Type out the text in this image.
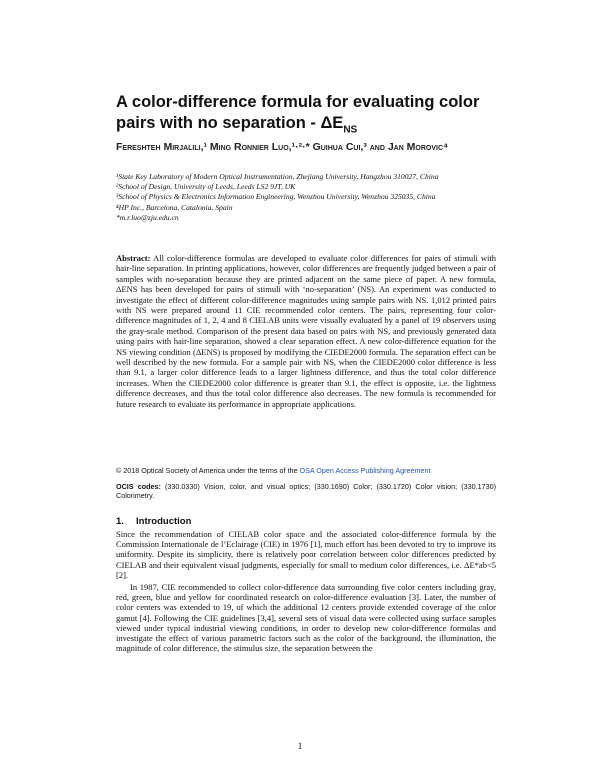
A color-difference formula for evaluating color pairs with no separation - $\Delta E_{NS}$
Fereshteh Mirjalili,¹ Ming Ronnier Luo,¹·²·* Guihua Cui,³ and Jan Morovic⁴
¹State Key Laboratory of Modern Optical Instrumentation, Zhejiang University, Hangzhou 310027, China
²School of Design, University of Leeds, Leeds LS2 9JT, UK
³School of Physics & Electronics Information Engineering, Wenzhou University, Wenzhou 325035, China
⁴HP Inc., Barcelona, Catalonia, Spain
*m.r.luo@zju.edu.cn
Abstract: All color-difference formulas are developed to evaluate color differences for pairs of stimuli with hair-line separation. In printing applications, however, color differences are frequently judged between a pair of samples with no-separation because they are printed adjacent on the same piece of paper. A new formula, ΔENS has been developed for pairs of stimuli with ‘no-separation’ (NS). An experiment was conducted to investigate the effect of different color-difference magnitudes using sample pairs with NS. 1,012 printed pairs with NS were prepared around 11 CIE recommended color centers. The pairs, representing four color-difference magnitudes of 1, 2, 4 and 8 CIELAB units were visually evaluated by a panel of 19 observers using the gray-scale method. Comparison of the present data based on pairs with NS, and previously generated data using pairs with hair-line separation, showed a clear separation effect. A new color-difference equation for the NS viewing condition (ΔENS) is proposed by modifying the CIEDE2000 formula. The separation effect can be well described by the new formula. For a sample pair with NS, when the CIEDE2000 color difference is less than 9.1, a larger color difference leads to a larger lightness difference, and thus the total color difference increases. When the CIEDE2000 color difference is greater than 9.1, the effect is opposite, i.e. the lightness difference decreases, and thus the total color difference also decreases. The new formula is recommended for future research to evaluate its performance in appropriate applications.
© 2018 Optical Society of America under the terms of the OSA Open Access Publishing Agreement
OCIS codes: (330.0330) Vision, color, and visual optics; (330.1690) Color; (330.1720) Color vision; (330.1730) Colorimetry.
1. Introduction

Since the recommendation of CIELAB color space and the associated color-difference formula by the Commission Internationale de l’Eclairage (CIE) in 1976 [1], much effort has been devoted to try to improve its uniformity. Despite its simplicity, there is relatively poor correlation between color differences predicted by CIELAB and their equivalent visual judgments, especially for small to medium color differences, i.e. ΔE*ab<5 [2].

In 1987, CIE recommended to collect color-difference data surrounding five color centers including gray, red, green, blue and yellow for coordinated research on color-difference evaluation [3]. Later, the number of color centers was extended to 19, of which the additional 12 centers provide extended coverage of the color gamut [4]. Following the CIE guidelines [3,4], several sets of visual data were collected using surface samples viewed under typical industrial viewing conditions, in order to develop new color-difference formulas and investigate the effect of various parametric factors such as the color of the background, the illumination, the magnitude of color difference, the stimulus size, the separation between the

1
